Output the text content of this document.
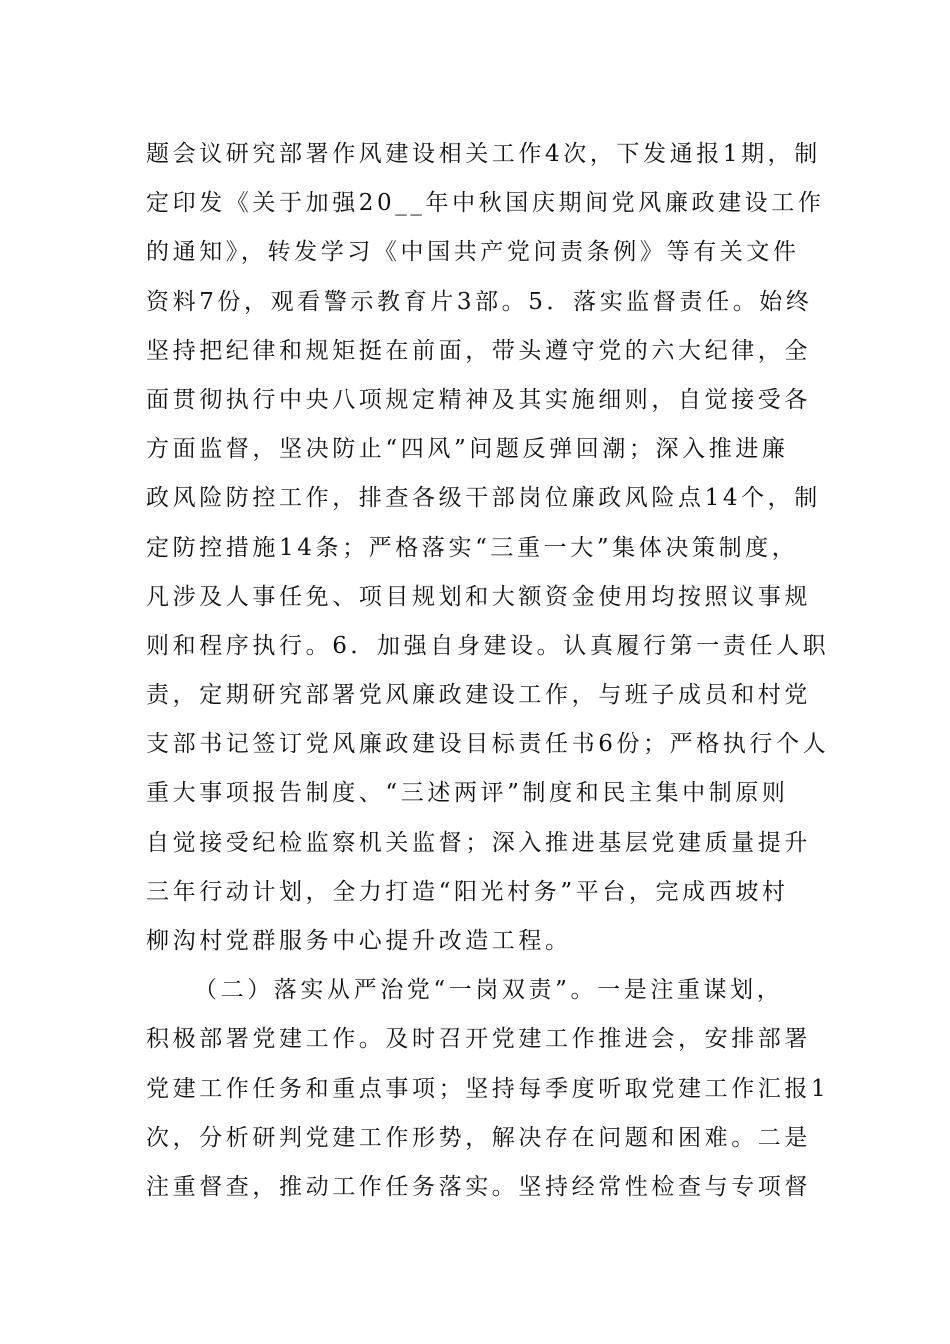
题会议研究部署作风建设相关工作4次，下发通报1期，制
定印发《关于加强20__年中秋国庆期间党风廉政建设工作
的通知》，转发学习《中国共产党问责条例》等有关文件
资料7份，观看警示教育片3部。5．落实监督责任。始终
坚持把纪律和规矩挺在前面，带头遵守党的六大纪律，全
面贯彻执行中央八项规定精神及其实施细则，自觉接受各
方面监督，坚决防止“四风”问题反弹回潮；深入推进廉
政风险防控工作，排查各级干部岗位廉政风险点14个，制
定防控措施14条；严格落实“三重一大”集体决策制度，
凡涉及人事任免、项目规划和大额资金使用均按照议事规
则和程序执行。6．加强自身建设。认真履行第一责任人职
责，定期研究部署党风廉政建设工作，与班子成员和村党
支部书记签订党风廉政建设目标责任书6份；严格执行个人
重大事项报告制度、“三述两评”制度和民主集中制原则
自觉接受纪检监察机关监督；深入推进基层党建质量提升
三年行动计划，全力打造“阳光村务”平台，完成西坡村
柳沟村党群服务中心提升改造工程。
（二）落实从严治党“一岗双责”。一是注重谋划，
积极部署党建工作。及时召开党建工作推进会，安排部署
党建工作任务和重点事项；坚持每季度听取党建工作汇报1
次，分析研判党建工作形势，解决存在问题和困难。二是
注重督查，推动工作任务落实。坚持经常性检查与专项督
